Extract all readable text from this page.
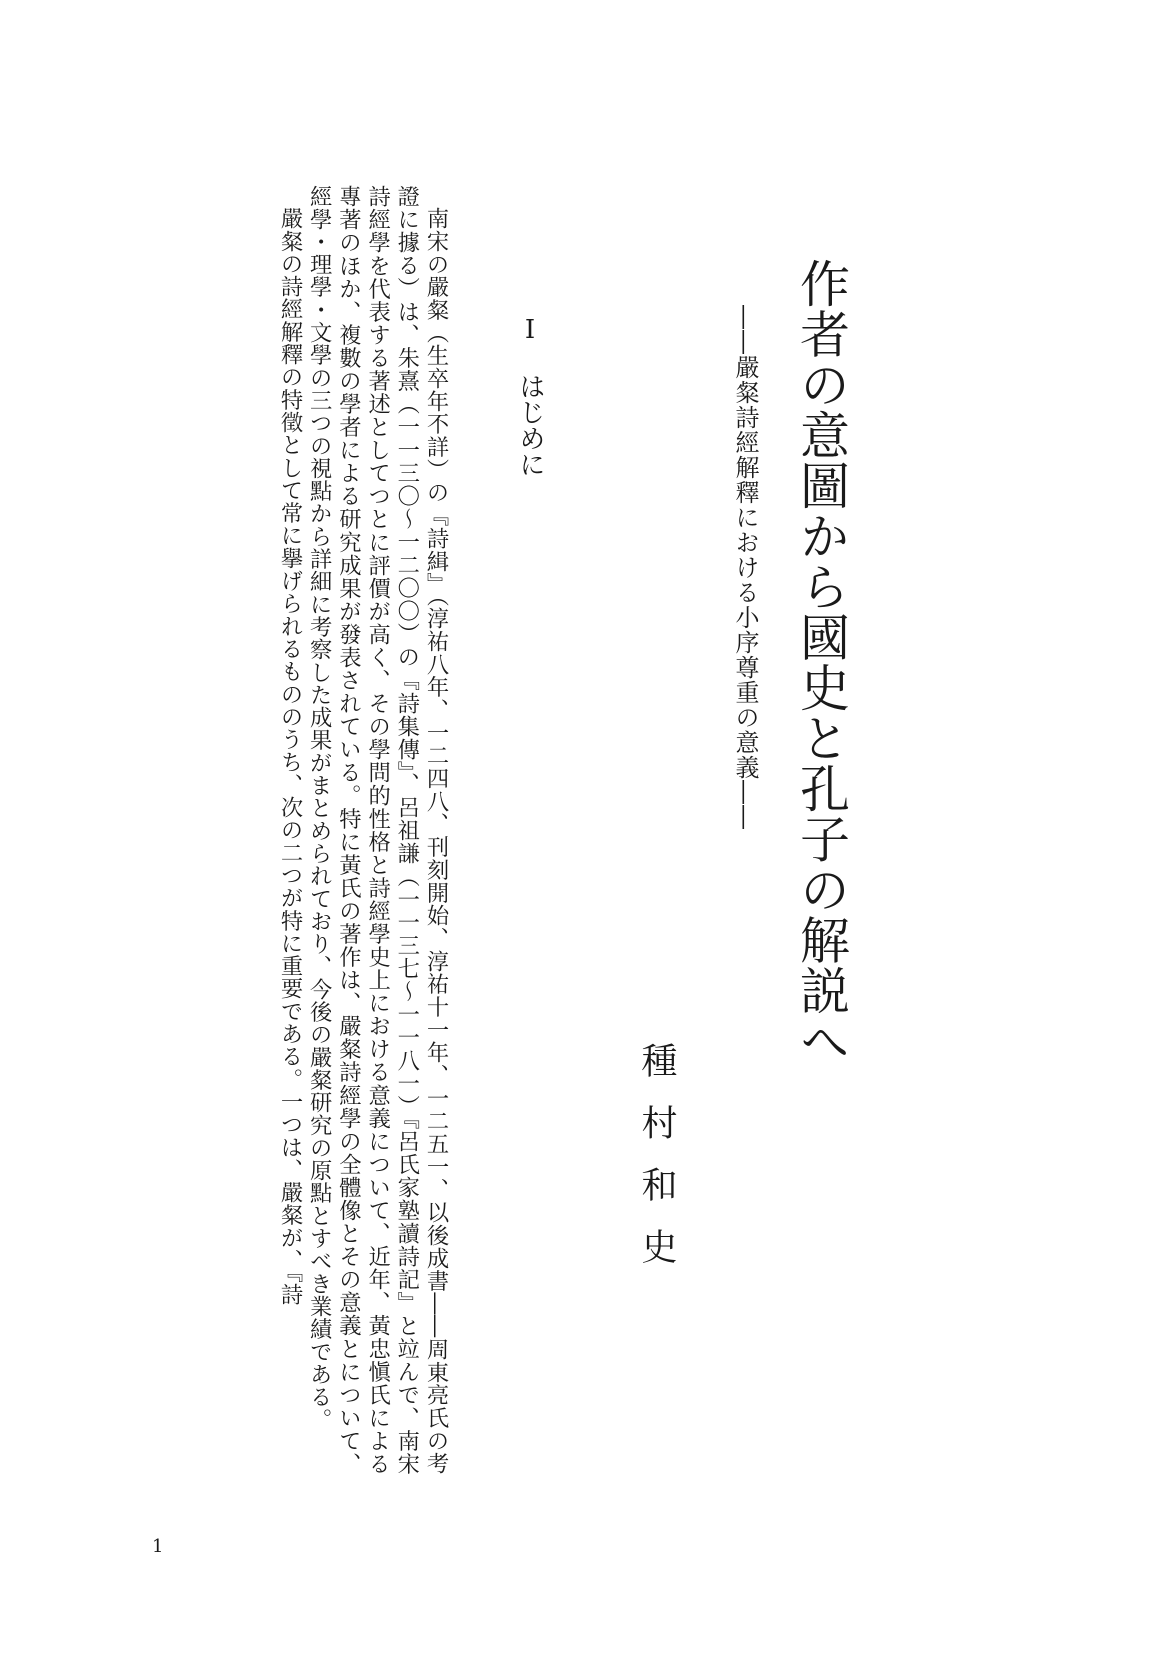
作者の意圖から國史と孔子の解説へ
――嚴粲詩經解釋における小序尊重の意義――
種村和史
Ⅰはじめに

南宋の嚴粲（生卒年不詳）の『詩緝』（淳祐八年、一二四八、刊刻開始、淳祐十一年、一二五一、以後成書――周東亮氏の考證に據る）は、朱熹（一一三〇～一二〇〇）の『詩集傳』、呂祖謙（一一三七～一一八一）『呂氏家塾讀詩記』と竝んで、南宋詩經學を代表する著述としてつとに評價が高く、その學問的性格と詩經學史上における意義について、近年、黃忠愼氏による專著のほか、複數の學者による研究成果が發表されている。特に黃氏の著作は、嚴粲詩經學の全體像とその意義とについて、經學・理學・文學の三つの視點から詳細に考察した成果がまとめられており、今後の嚴粲研究の原點とすべき業績である。

嚴粲の詩經解釋の特徵として常に擧げられるもののうち、次の二つが特に重要である。一つは、嚴粲が、『詩

1
